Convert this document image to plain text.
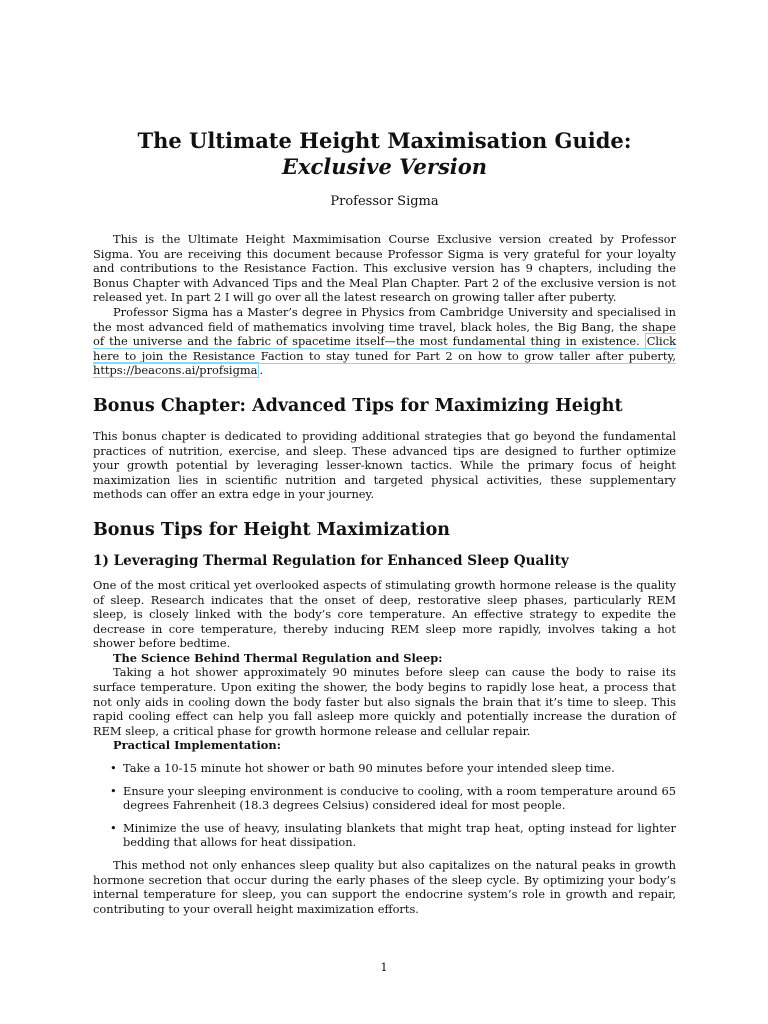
The Ultimate Height Maximisation Guide: Exclusive Version
Professor Sigma

This is the Ultimate Height Maxmimisation Course Exclusive version created by Professor Sigma. You are receiving this document because Professor Sigma is very grateful for your loyalty and contributions to the Resistance Faction. This exclusive version has 9 chapters, including the Bonus Chapter with Advanced Tips and the Meal Plan Chapter. Part 2 of the exclusive version is not released yet. In part 2 I will go over all the latest research on growing taller after puberty.

Professor Sigma has a Master’s degree in Physics from Cambridge University and specialised in the most advanced field of mathematics involving time travel, black holes, the Big Bang, the shape of the universe and the fabric of spacetime itself—the most fundamental thing in existence. Click here to join the Resistance Faction to stay tuned for Part 2 on how to grow taller after puberty, https://beacons.ai/profsigma .

Bonus Chapter: Advanced Tips for Maximizing Height

This bonus chapter is dedicated to providing additional strategies that go beyond the fundamental practices of nutrition, exercise, and sleep. These advanced tips are designed to further optimize your growth potential by leveraging lesser-known tactics. While the primary focus of height maximization lies in scientific nutrition and targeted physical activities, these supplementary methods can offer an extra edge in your journey.

Bonus Tips for Height Maximization
1) Leveraging Thermal Regulation for Enhanced Sleep Quality

One of the most critical yet overlooked aspects of stimulating growth hormone release is the quality of sleep. Research indicates that the onset of deep, restorative sleep phases, particularly REM sleep, is closely linked with the body’s core temperature. An effective strategy to expedite the decrease in core temperature, thereby inducing REM sleep more rapidly, involves taking a hot shower before bedtime.

The Science Behind Thermal Regulation and Sleep:

Taking a hot shower approximately 90 minutes before sleep can cause the body to raise its surface temperature. Upon exiting the shower, the body begins to rapidly lose heat, a process that not only aids in cooling down the body faster but also signals the brain that it’s time to sleep. This rapid cooling effect can help you fall asleep more quickly and potentially increase the duration of REM sleep, a critical phase for growth hormone release and cellular repair.

Practical Implementation:

• Take a 10-15 minute hot shower or bath 90 minutes before your intended sleep time.
• Ensure your sleeping environment is conducive to cooling, with a room temperature around 65 degrees Fahrenheit (18.3 degrees Celsius) considered ideal for most people.
• Minimize the use of heavy, insulating blankets that might trap heat, opting instead for lighter bedding that allows for heat dissipation.

This method not only enhances sleep quality but also capitalizes on the natural peaks in growth hormone secretion that occur during the early phases of the sleep cycle. By optimizing your body’s internal temperature for sleep, you can support the endocrine system’s role in growth and repair, contributing to your overall height maximization efforts.

1
